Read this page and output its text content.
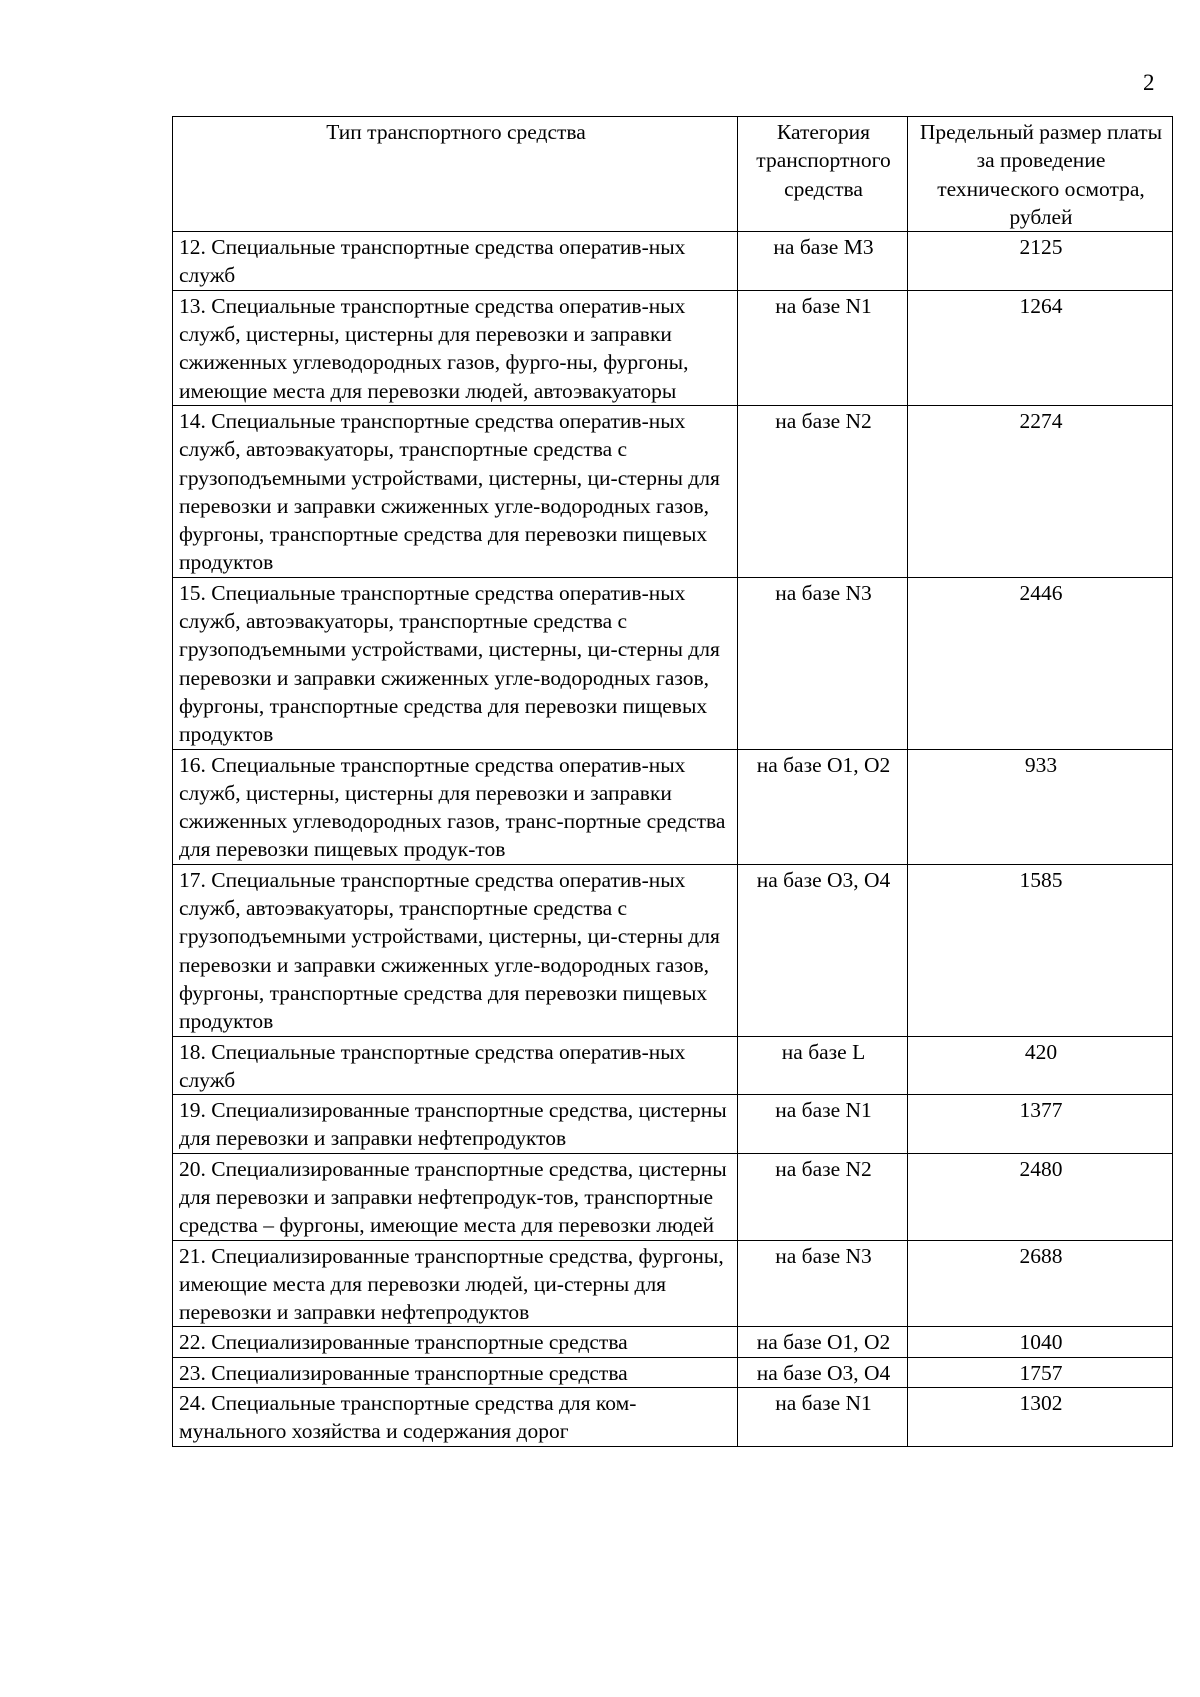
2
Тип транспортного средства	Категория транспортного средства	Предельный размер платы за проведение технического осмотра, рублей
12. Специальные транспортные средства оператив-ных служб	на базе М3	2125
13. Специальные транспортные средства оператив-ных служб, цистерны, цистерны для перевозки и заправки сжиженных углеводородных газов, фурго-ны, фургоны, имеющие места для перевозки людей, автоэвакуаторы	на базе N1	1264
14. Специальные транспортные средства оператив-ных служб, автоэвакуаторы, транспортные средства с грузоподъемными устройствами, цистерны, ци-стерны для перевозки и заправки сжиженных угле-водородных газов, фургоны, транспортные средства для перевозки пищевых продуктов	на базе N2	2274
15. Специальные транспортные средства оператив-ных служб, автоэвакуаторы, транспортные средства с грузоподъемными устройствами, цистерны, ци-стерны для перевозки и заправки сжиженных угле-водородных газов, фургоны, транспортные средства для перевозки пищевых продуктов	на базе N3	2446
16. Специальные транспортные средства оператив-ных служб, цистерны, цистерны для перевозки и заправки сжиженных углеводородных газов, транс-портные средства для перевозки пищевых продук-тов	на базе О1, О2	933
17. Специальные транспортные средства оператив-ных служб, автоэвакуаторы, транспортные средства с грузоподъемными устройствами, цистерны, ци-стерны для перевозки и заправки сжиженных угле-водородных газов, фургоны, транспортные средства для перевозки пищевых продуктов	на базе О3, О4	1585
18. Специальные транспортные средства оператив-ных служб	на базе L	420
19. Специализированные транспортные средства, цистерны для перевозки и заправки нефтепродуктов	на базе N1	1377
20. Специализированные транспортные средства, цистерны для перевозки и заправки нефтепродук-тов, транспортные средства – фургоны, имеющие места для перевозки людей	на базе N2	2480
21. Специализированные транспортные средства, фургоны, имеющие места для перевозки людей, ци-стерны для перевозки и заправки нефтепродуктов	на базе N3	2688
22. Специализированные транспортные средства	на базе О1, О2	1040
23. Специализированные транспортные средства	на базе О3, О4	1757
24. Специальные транспортные средства для ком-мунального хозяйства и содержания дорог	на базе N1	1302
